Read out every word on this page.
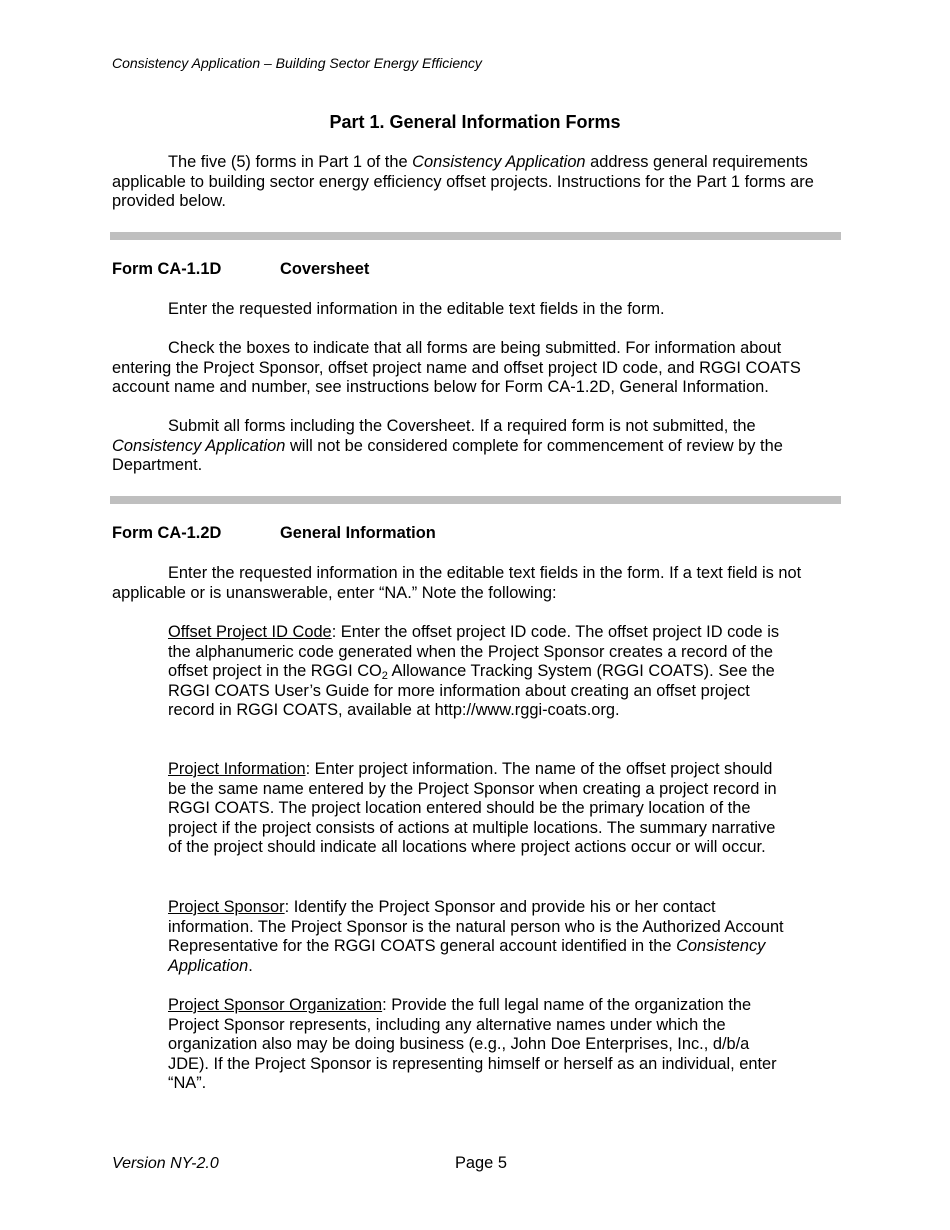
Consistency Application – Building Sector Energy Efficiency
Part 1. General Information Forms

The five (5) forms in Part 1 of the Consistency Application address general requirements applicable to building sector energy efficiency offset projects. Instructions for the Part 1 forms are provided below.

Form CA-1.1D	Coversheet

Enter the requested information in the editable text fields in the form.

Check the boxes to indicate that all forms are being submitted. For information about entering the Project Sponsor, offset project name and offset project ID code, and RGGI COATS account name and number, see instructions below for Form CA-1.2D, General Information.

Submit all forms including the Coversheet. If a required form is not submitted, the Consistency Application will not be considered complete for commencement of review by the Department.

Form CA-1.2D	General Information

Enter the requested information in the editable text fields in the form. If a text field is not applicable or is unanswerable, enter “NA.” Note the following:

Offset Project ID Code: Enter the offset project ID code. The offset project ID code is the alphanumeric code generated when the Project Sponsor creates a record of the offset project in the RGGI $CO_2$ Allowance Tracking System (RGGI COATS). See the RGGI COATS User’s Guide for more information about creating an offset project record in RGGI COATS, available at http://www.rggi-coats.org.

Project Information: Enter project information. The name of the offset project should be the same name entered by the Project Sponsor when creating a project record in RGGI COATS. The project location entered should be the primary location of the project if the project consists of actions at multiple locations. The summary narrative of the project should indicate all locations where project actions occur or will occur.

Project Sponsor: Identify the Project Sponsor and provide his or her contact information. The Project Sponsor is the natural person who is the Authorized Account Representative for the RGGI COATS general account identified in the Consistency Application.

Project Sponsor Organization: Provide the full legal name of the organization the Project Sponsor represents, including any alternative names under which the organization also may be doing business (e.g., John Doe Enterprises, Inc., d/b/a JDE). If the Project Sponsor is representing himself or herself as an individual, enter “NA”.

Version NY-2.0	Page 5
